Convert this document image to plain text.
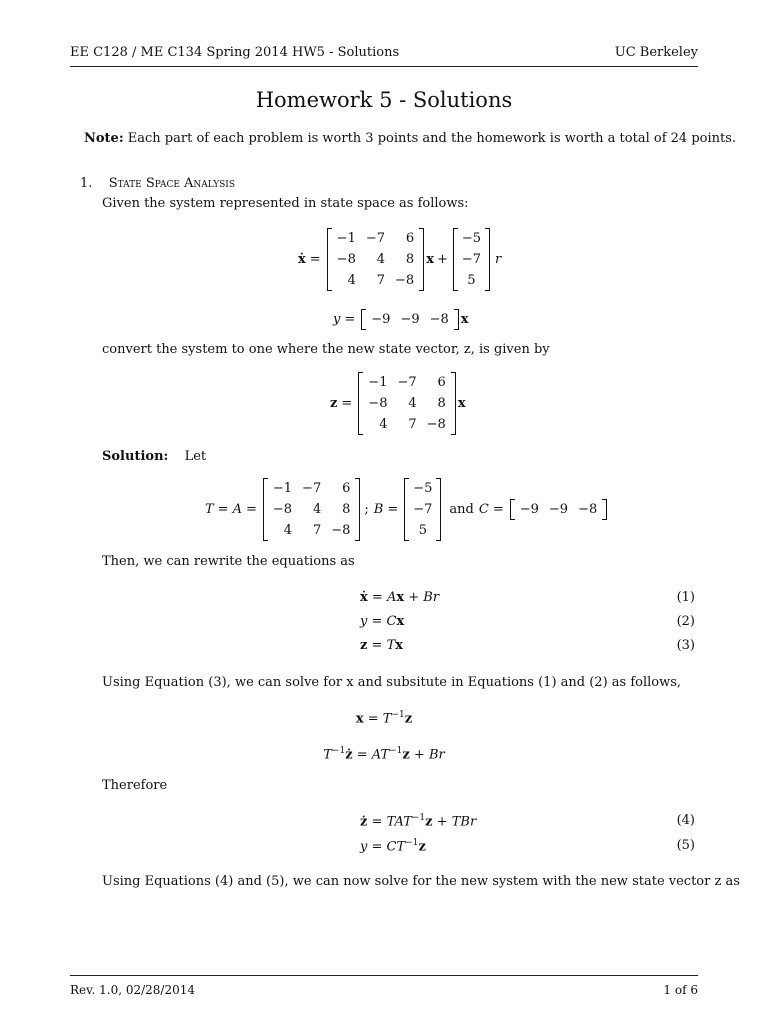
EE C128 / ME C134 Spring 2014 HW5 - Solutions	UC Berkeley
Homework 5 - Solutions
Note: Each part of each problem is worth 3 points and the homework is worth a total of 24 points.
1. State Space Analysis
Given the system represented in state space as follows:
ẋ =
−1	−7	6
−8	4	8
4	7	−8
x +
−5
−7
5
r
y = −9	−9	−8 x
convert the system to one where the new state vector, z, is given by
z =
−1	−7	6
−8	4	8
4	7	−8
x
Solution: Let
T = A =
−1	−7	6
−8	4	8
4	7	−8
; B =
−5
−7
5
and C = −9	−9	−8
Then, we can rewrite the equations as
ẋ = Ax + Br	(1)
y = Cx	(2)
z = Tx	(3)
Using Equation (3), we can solve for x and subsitute in Equations (1) and (2) as follows,
$x = T^{-1}z$
$T^{-1}ż = AT^{-1}z + Br$
Therefore
ż = $TAT^{-1}z$ + TBr	(4)
$y = CT^{-1}z$	(5)
Using Equations (4) and (5), we can now solve for the new system with the new state vector z as
Rev. 1.0, 02/28/2014	1 of 6
